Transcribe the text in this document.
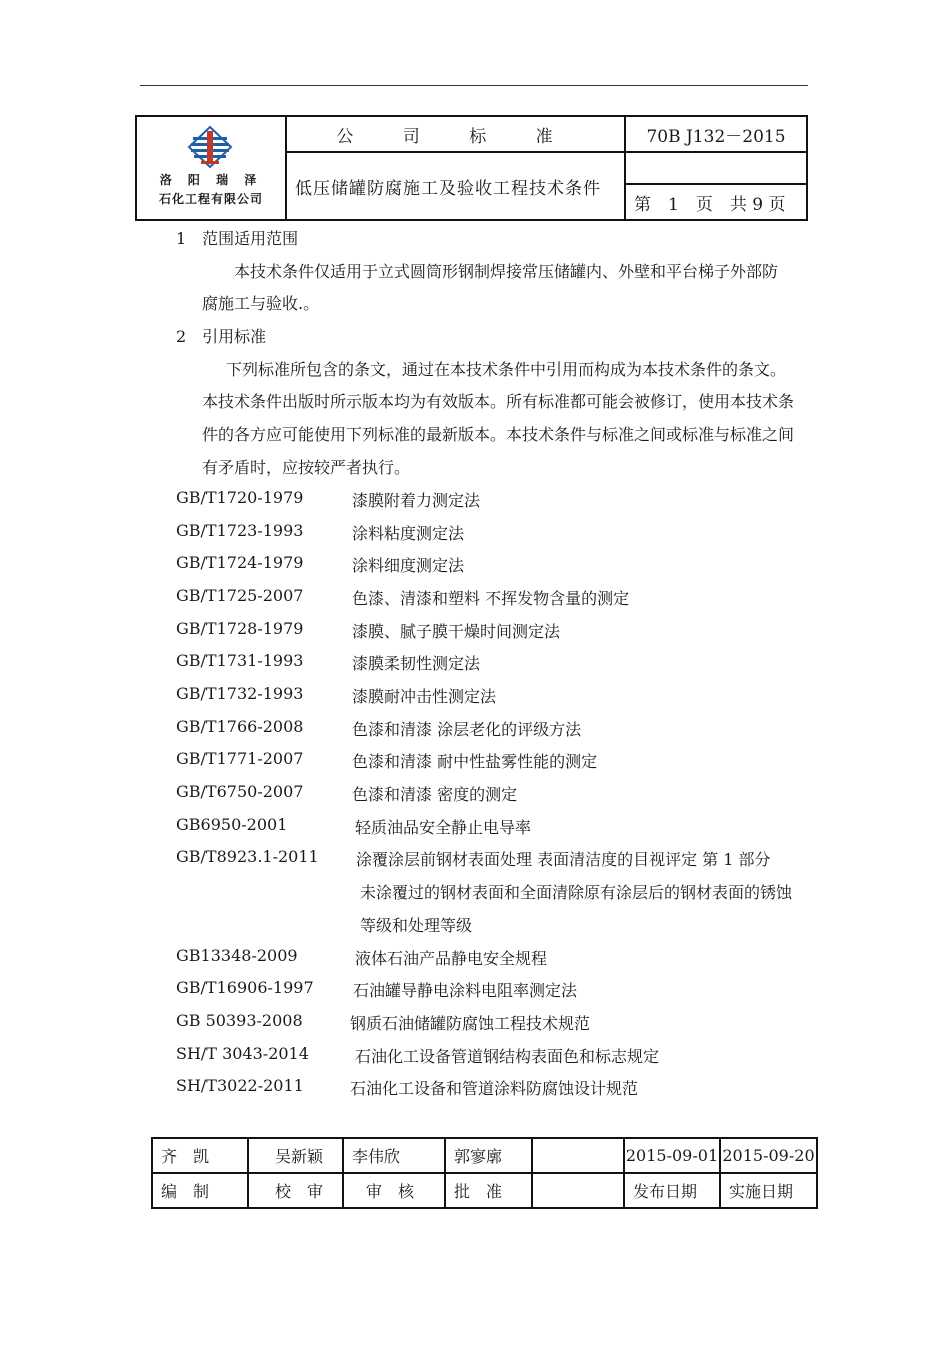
洛 阳 瑞 泽
石化工程有限公司	公 司 标 准	70B J132－2015
	低压储罐防腐施工及验收工程技术条件	
		第　1　页　共 9 页
1　范围适用范围
本技术条件仅适用于立式圆筒形钢制焊接常压储罐内、外壁和平台梯子外部防
腐施工与验收.。
2　引用标准
下列标准所包含的条文，通过在本技术条件中引用而构成为本技术条件的条文。
本技术条件出版时所示版本均为有效版本。所有标准都可能会被修订，使用本技术条
件的各方应可能使用下列标准的最新版本。本技术条件与标准之间或标准与标准之间
有矛盾时，应按较严者执行。
GB/T1720-1979	漆膜附着力测定法
GB/T1723-1993	涂料粘度测定法
GB/T1724-1979	涂料细度测定法
GB/T1725-2007	色漆、清漆和塑料 不挥发物含量的测定
GB/T1728-1979	漆膜、腻子膜干燥时间测定法
GB/T1731-1993	漆膜柔韧性测定法
GB/T1732-1993	漆膜耐冲击性测定法
GB/T1766-2008	色漆和清漆 涂层老化的评级方法
GB/T1771-2007	色漆和清漆 耐中性盐雾性能的测定
GB/T6750-2007	色漆和清漆 密度的测定
GB6950-2001	轻质油品安全静止电导率
GB/T8923.1-2011 涂覆涂层前钢材表面处理 表面清洁度的目视评定 第 1 部分
未涂覆过的钢材表面和全面清除原有涂层后的钢材表面的锈蚀
等级和处理等级
GB13348-2009	液体石油产品静电安全规程
GB/T16906-1997 石油罐导静电涂料电阻率测定法
GB 50393-2008	钢质石油储罐防腐蚀工程技术规范
SH/T 3043-2014	石油化工设备管道钢结构表面色和标志规定
SH/T3022-2011	石油化工设备和管道涂料防腐蚀设计规范
齐　凯	吴新颖	李伟欣	郭寥廓		2015-09-01	2015-09-20
编　制	校　审	审　核	批　准		发布日期	实施日期
